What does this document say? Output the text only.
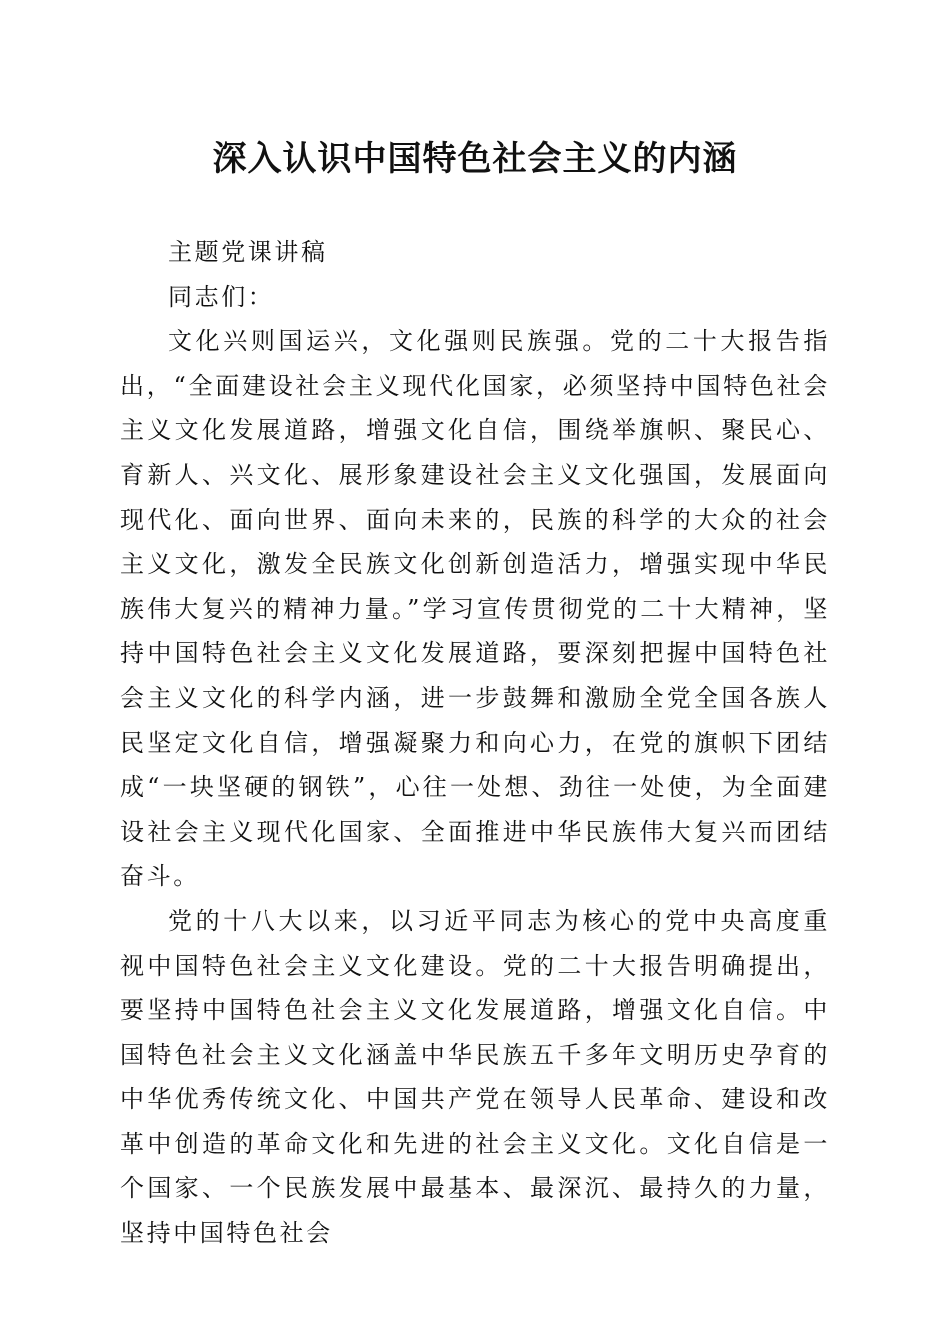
深入认识中国特色社会主义的内涵

主题党课讲稿

同志们：

文化兴则国运兴，文化强则民族强。党的二十大报告指出，“全面建设社会主义现代化国家，必须坚持中国特色社会主义文化发展道路，增强文化自信，围绕举旗帜、聚民心、育新人、兴文化、展形象建设社会主义文化强国，发展面向现代化、面向世界、面向未来的，民族的科学的大众的社会主义文化，激发全民族文化创新创造活力，增强实现中华民族伟大复兴的精神力量。”学习宣传贯彻党的二十大精神，坚持中国特色社会主义文化发展道路，要深刻把握中国特色社会主义文化的科学内涵，进一步鼓舞和激励全党全国各族人民坚定文化自信，增强凝聚力和向心力，在党的旗帜下团结成“一块坚硬的钢铁”，心往一处想、劲往一处使，为全面建设社会主义现代化国家、全面推进中华民族伟大复兴而团结奋斗。

党的十八大以来，以习近平同志为核心的党中央高度重视中国特色社会主义文化建设。党的二十大报告明确提出，要坚持中国特色社会主义文化发展道路，增强文化自信。中国特色社会主义文化涵盖中华民族五千多年文明历史孕育的中华优秀传统文化、中国共产党在领导人民革命、建设和改革中创造的革命文化和先进的社会主义文化。文化自信是一个国家、一个民族发展中最基本、最深沉、最持久的力量，坚持中国特色社会
